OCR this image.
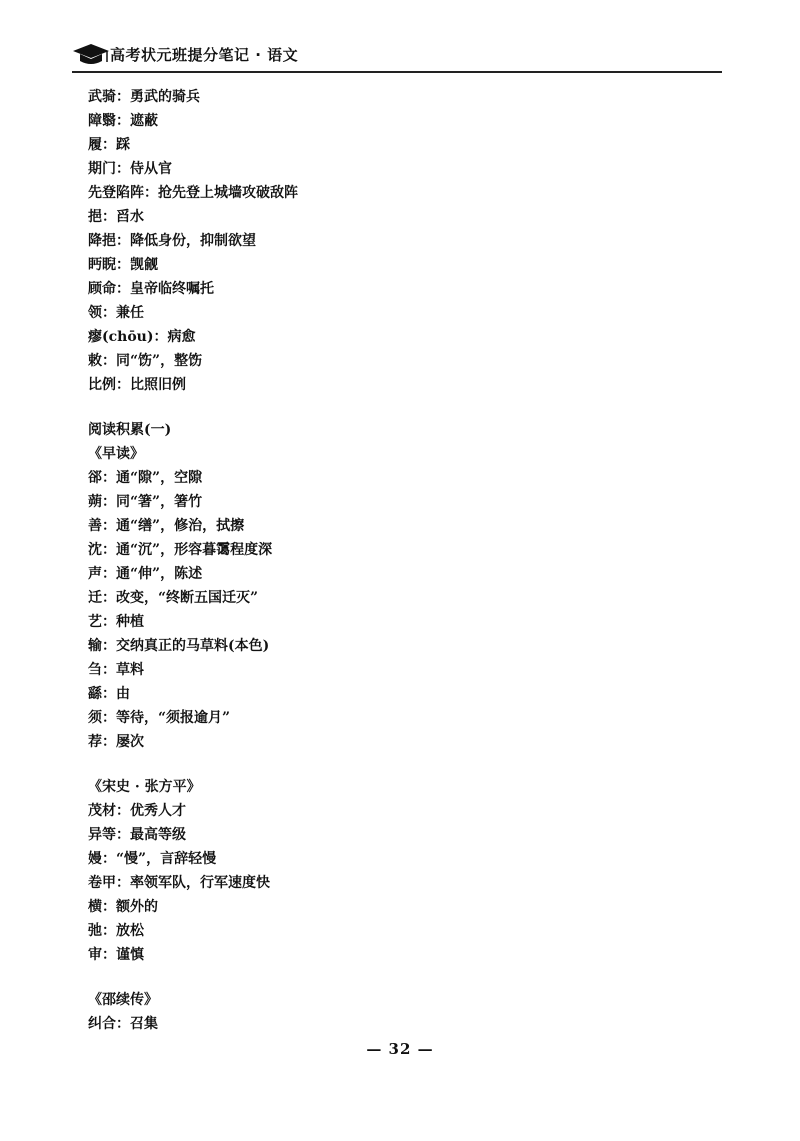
高考状元班提分笔记 · 语文
武骑：勇武的骑兵
障翳：遮蔽
履：踩
期门：侍从官
先登陷阵：抢先登上城墙攻破敌阵
挹：舀水
降挹：降低身份，抑制欲望
眄睨：觊觎
顾命：皇帝临终嘱托
领：兼任
瘳(chōu)：病愈
敕：同“饬”，整饬
比例：比照旧例
阅读积累(一)
《早读》
郤：通“隙”，空隙
蒴：同“箸”，箸竹
善：通“缮”，修治，拭擦
沈：通“沉”，形容暮霭程度深
声：通“伸”，陈述
迁：改变，“终断五国迁灭”
艺：种植
输：交纳真正的马草料(本色)
刍：草料
繇：由
须：等待，“须报逾月”
荐：屡次
《宋史 · 张方平》
茂材：优秀人才
异等：最高等级
嫚：“慢”，言辞轻慢
卷甲：率领军队，行军速度快
横：额外的
弛：放松
审：谨慎
《邵续传》
纠合：召集
— 32 —
